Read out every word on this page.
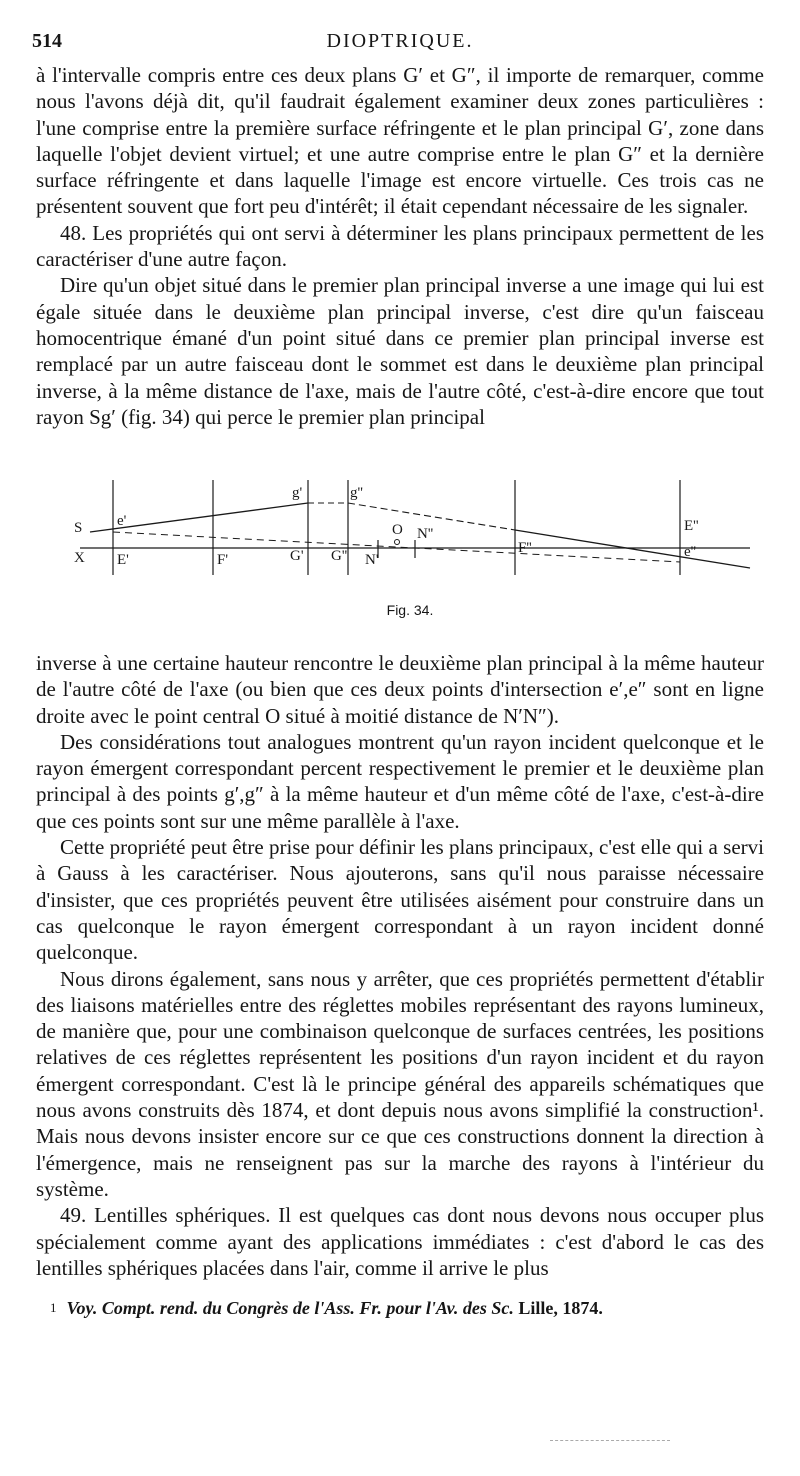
514	DIOPTRIQUE.

à l'intervalle compris entre ces deux plans G′ et G″, il importe de remarquer, comme nous l'avons déjà dit, qu'il faudrait également examiner deux zones particulières : l'une comprise entre la première surface réfringente et le plan principal G′, zone dans laquelle l'objet devient virtuel; et une autre comprise entre le plan G″ et la dernière surface réfringente et dans laquelle l'image est encore virtuelle. Ces trois cas ne présentent souvent que fort peu d'intérêt; il était cependant nécessaire de les signaler.

48. Les propriétés qui ont servi à déterminer les plans principaux permettent de les caractériser d'une autre façon.

Dire qu'un objet situé dans le premier plan principal inverse a une image qui lui est égale située dans le deuxième plan principal inverse, c'est dire qu'un faisceau homocentrique émané d'un point situé dans ce premier plan principal inverse est remplacé par un autre faisceau dont le sommet est dans le deuxième plan principal inverse, à la même distance de l'axe, mais de l'autre côté, c'est-à-dire encore que tout rayon Sg′ (fig. 34) qui perce le premier plan principal

S
X
e'
E'	F'	G' G'' N'
O N''
F''
E''
e''
g'	g''
Fig. 34.

inverse à une certaine hauteur rencontre le deuxième plan principal à la même hauteur de l'autre côté de l'axe (ou bien que ces deux points d'intersection e′,e″ sont en ligne droite avec le point central O situé à moitié distance de N′N″).

Des considérations tout analogues montrent qu'un rayon incident quelconque et le rayon émergent correspondant percent respectivement le premier et le deuxième plan principal à des points g′,g″ à la même hauteur et d'un même côté de l'axe, c'est-à-dire que ces points sont sur une même parallèle à l'axe.

Cette propriété peut être prise pour définir les plans principaux, c'est elle qui a servi à Gauss à les caractériser. Nous ajouterons, sans qu'il nous paraisse nécessaire d'insister, que ces propriétés peuvent être utilisées aisément pour construire dans un cas quelconque le rayon émergent correspondant à un rayon incident donné quelconque.

Nous dirons également, sans nous y arrêter, que ces propriétés permettent d'établir des liaisons matérielles entre des réglettes mobiles représentant des rayons lumineux, de manière que, pour une combinaison quelconque de surfaces centrées, les positions relatives de ces réglettes représentent les positions d'un rayon incident et du rayon émergent correspondant. C'est là le principe général des appareils schématiques que nous avons construits dès 1874, et dont depuis nous avons simplifié la construction¹. Mais nous devons insister encore sur ce que ces constructions donnent la direction à l'émergence, mais ne renseignent pas sur la marche des rayons à l'intérieur du système.

49. Lentilles sphériques. Il est quelques cas dont nous devons nous occuper plus spécialement comme ayant des applications immédiates : c'est d'abord le cas des lentilles sphériques placées dans l'air, comme il arrive le plus

1 Voy. Compt. rend. du Congrès de l'Ass. Fr. pour l'Av. des Sc. Lille, 1874.
